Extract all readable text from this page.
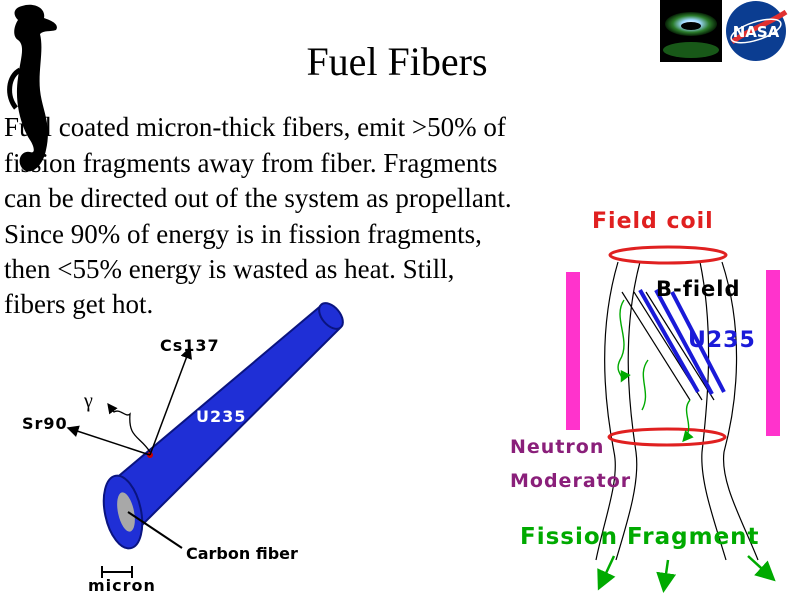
NASA
Fuel Fibers
Fuel coated micron-thick fibers, emit >50% of
fission fragments away from fiber. Fragments
can be directed out of the system as propellant.
Since 90% of energy is in fission fragments,
then <55% energy is wasted as heat. Still,
fibers get hot.
Cs137
Sr90
γ
U235
Carbon fiber
micron
Field coil
B-field
U235
Neutron
Moderator
Fission Fragment
